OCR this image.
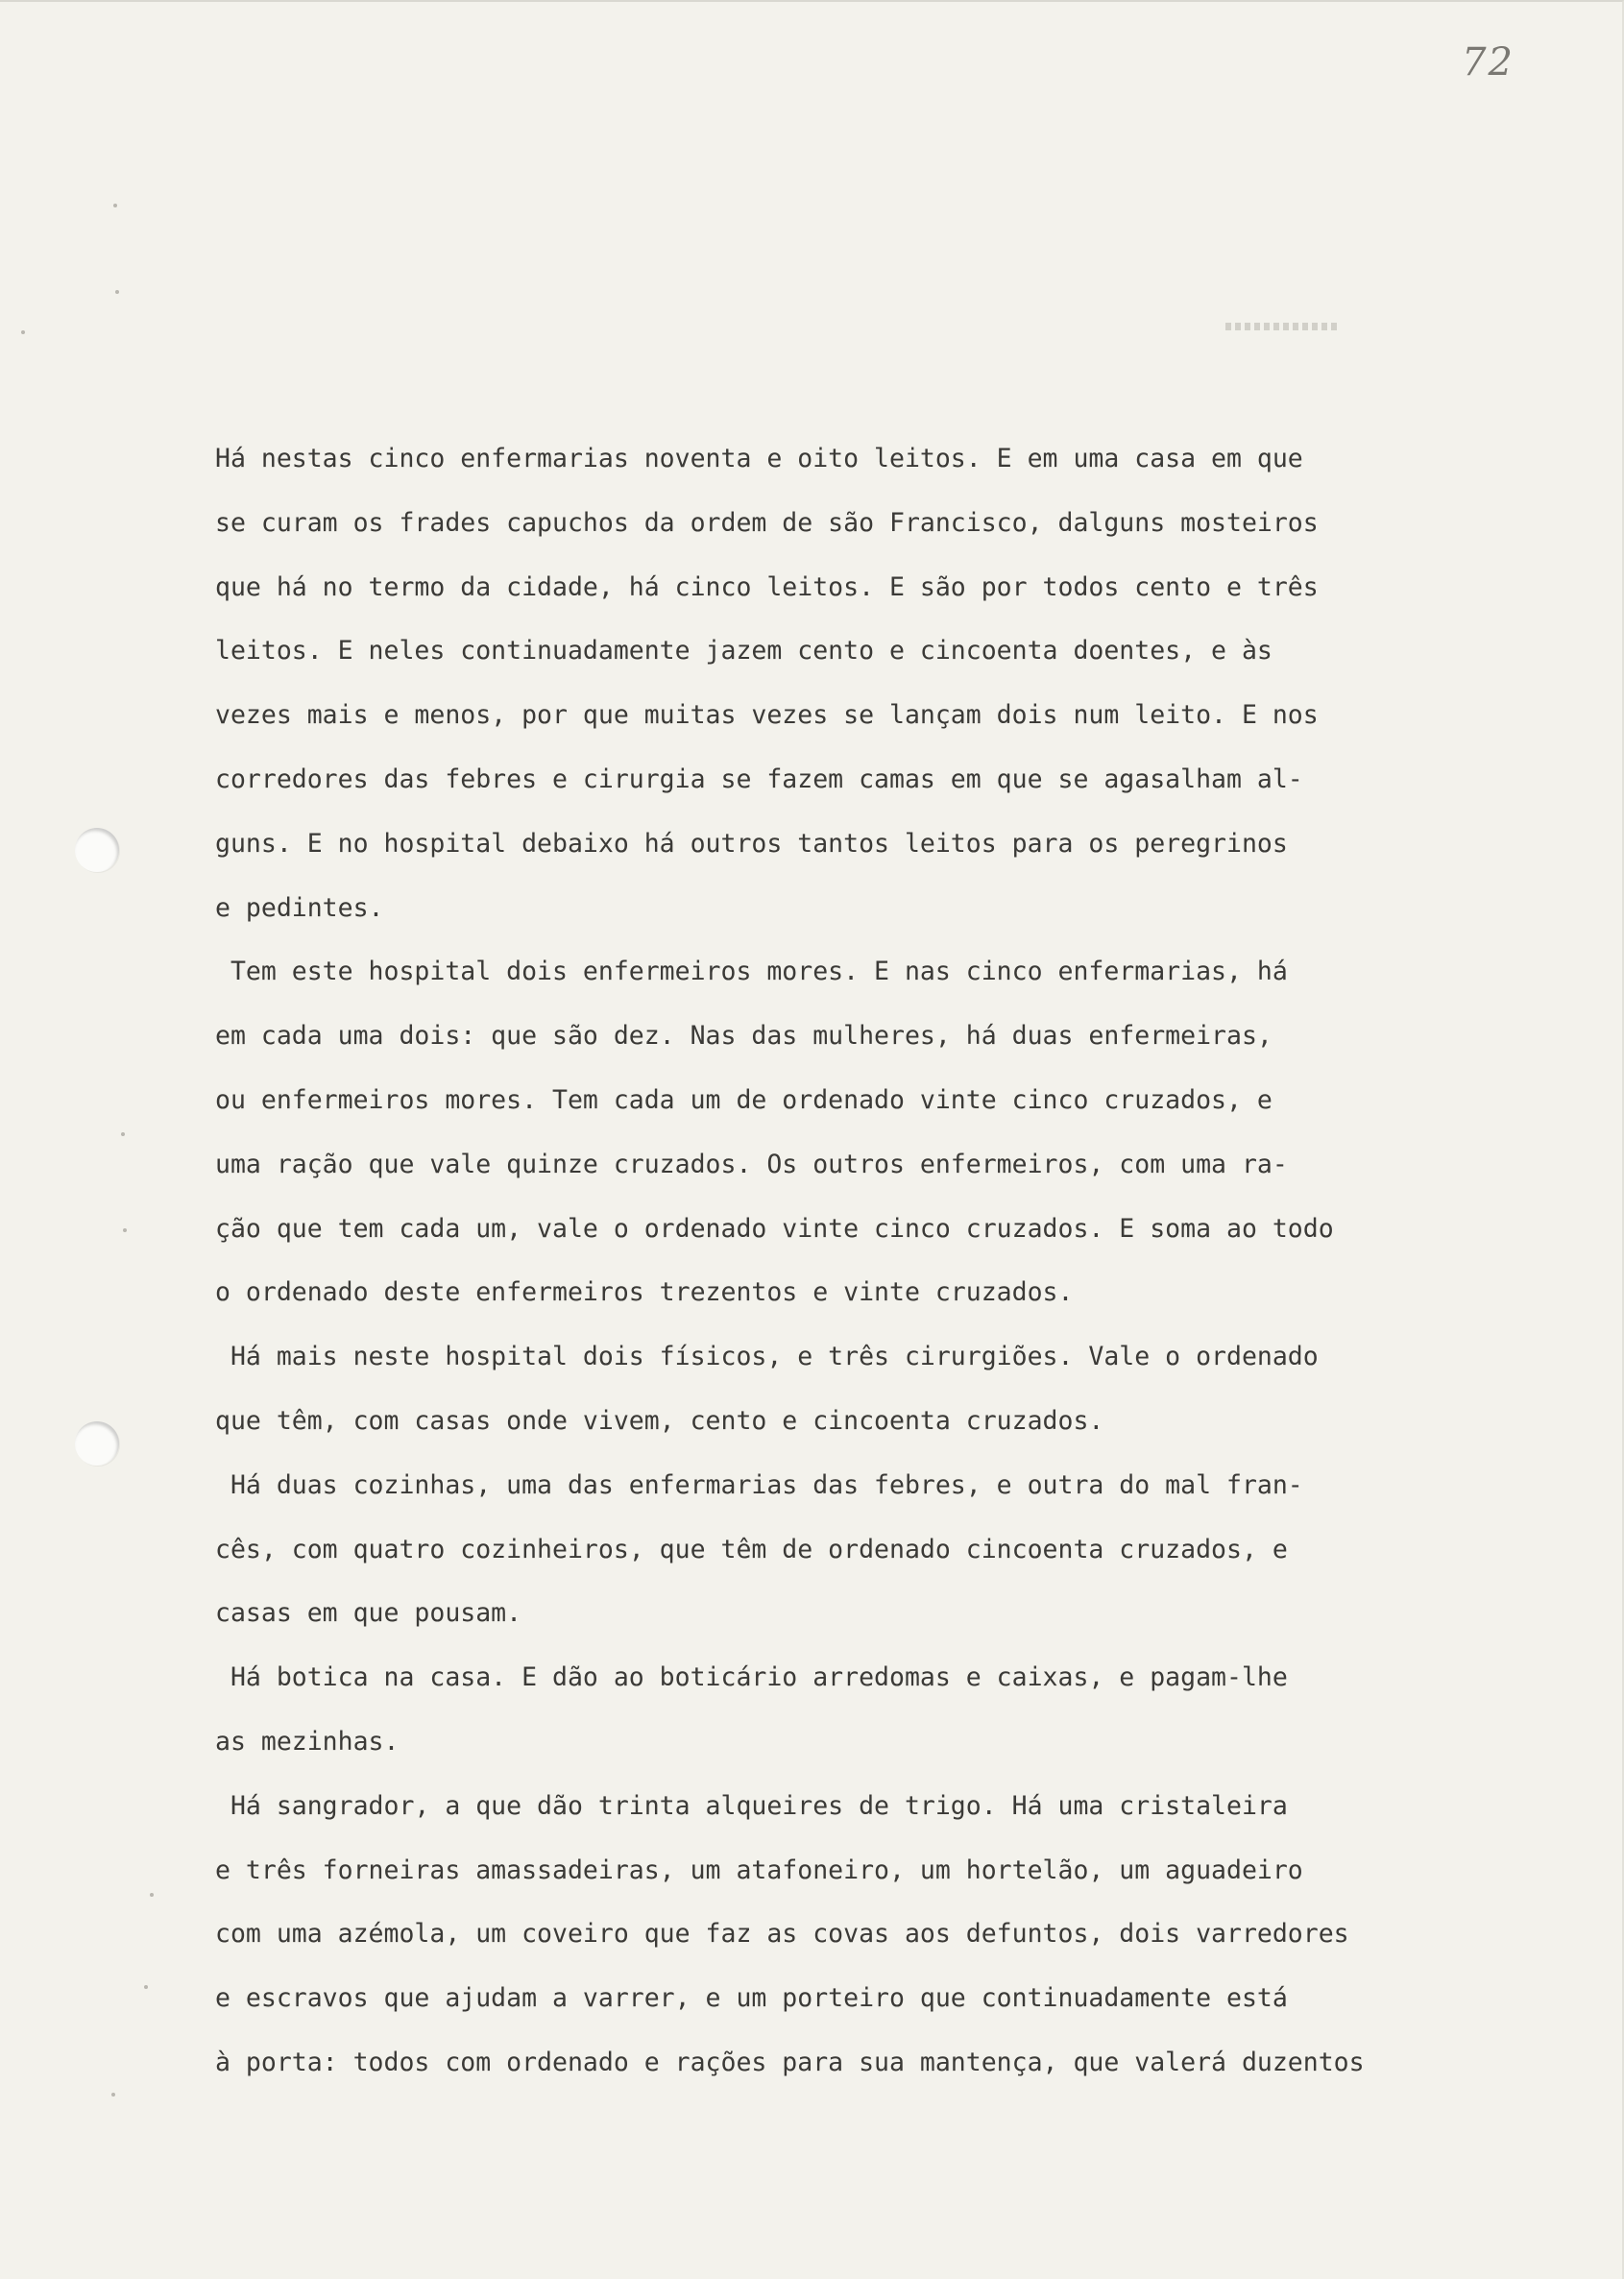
72
Há nestas cinco enfermarias noventa e oito leitos. E em uma casa em que
se curam os frades capuchos da ordem de são Francisco, dalguns mosteiros
que há no termo da cidade, há cinco leitos. E são por todos cento e três
leitos. E neles continuadamente jazem cento e cincoenta doentes, e às
vezes mais e menos, por que muitas vezes se lançam dois num leito. E nos
corredores das febres e cirurgia se fazem camas em que se agasalham al-
guns. E no hospital debaixo há outros tantos leitos para os peregrinos
e pedintes.
Tem este hospital dois enfermeiros mores. E nas cinco enfermarias, há
em cada uma dois: que são dez. Nas das mulheres, há duas enfermeiras,
ou enfermeiros mores. Tem cada um de ordenado vinte cinco cruzados, e
uma ração que vale quinze cruzados. Os outros enfermeiros, com uma ra-
ção que tem cada um, vale o ordenado vinte cinco cruzados. E soma ao todo
o ordenado deste enfermeiros trezentos e vinte cruzados.
Há mais neste hospital dois físicos, e três cirurgiões. Vale o ordenado
que têm, com casas onde vivem, cento e cincoenta cruzados.
Há duas cozinhas, uma das enfermarias das febres, e outra do mal fran-
cês, com quatro cozinheiros, que têm de ordenado cincoenta cruzados, e
casas em que pousam.
Há botica na casa. E dão ao boticário arredomas e caixas, e pagam-lhe
as mezinhas.
Há sangrador, a que dão trinta alqueires de trigo. Há uma cristaleira
e três forneiras amassadeiras, um atafoneiro, um hortelão, um aguadeiro
com uma azémola, um coveiro que faz as covas aos defuntos, dois varredores
e escravos que ajudam a varrer, e um porteiro que continuadamente está
à porta: todos com ordenado e rações para sua mantença, que valerá duzentos
